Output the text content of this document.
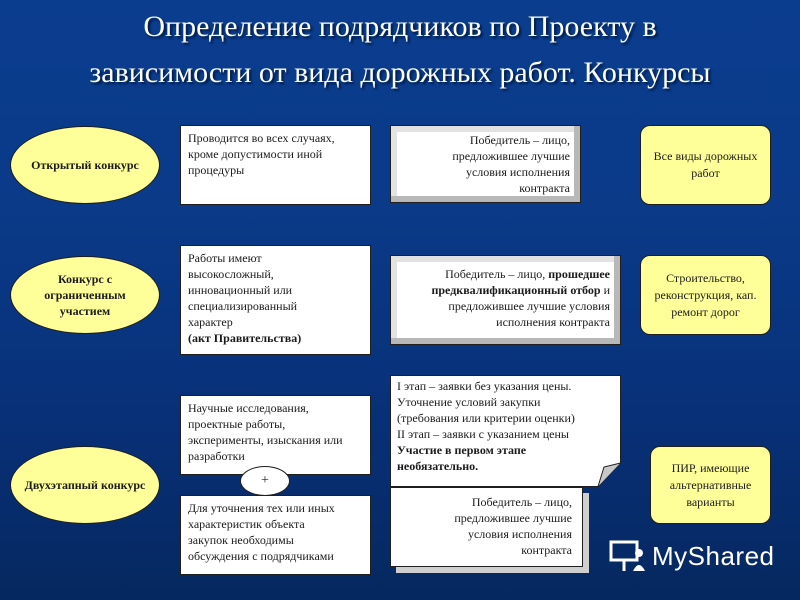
Определение подрядчиков по Проекту в
зависимости от вида дорожных работ. Конкурсы
Открытый конкурс
Проводится во всех случаях,
кроме допустимости иной
процедуры
Победитель – лицо,
предложившее лучшие
условия исполнения
контракта
Все виды дорожных работ
Конкурс с ограниченным участием
Работы имеют
высокосложный,
инновационный или
специализированный
характер
(акт Правительства)
Победитель – лицо, прошедшее предквалификационный отбор и предложившее лучшие условия исполнения контракта
Строительство, реконструкция, кап. ремонт дорог
Двухэтапный конкурс
Научные исследования,
проектные работы,
эксперименты, изыскания или
разработки
+
Для уточнения тех или иных
характеристик объекта
закупок необходимы
обсуждения с подрядчиками
I этап – заявки без указания цены.
Уточнение условий закупки
(требования или критерии оценки)
II этап – заявки с указанием цены
Участие в первом этапе
необязательно.
Победитель – лицо,
предложившее лучшие
условия исполнения
контракта
ПИР, имеющие альтернативные варианты
MyShared
